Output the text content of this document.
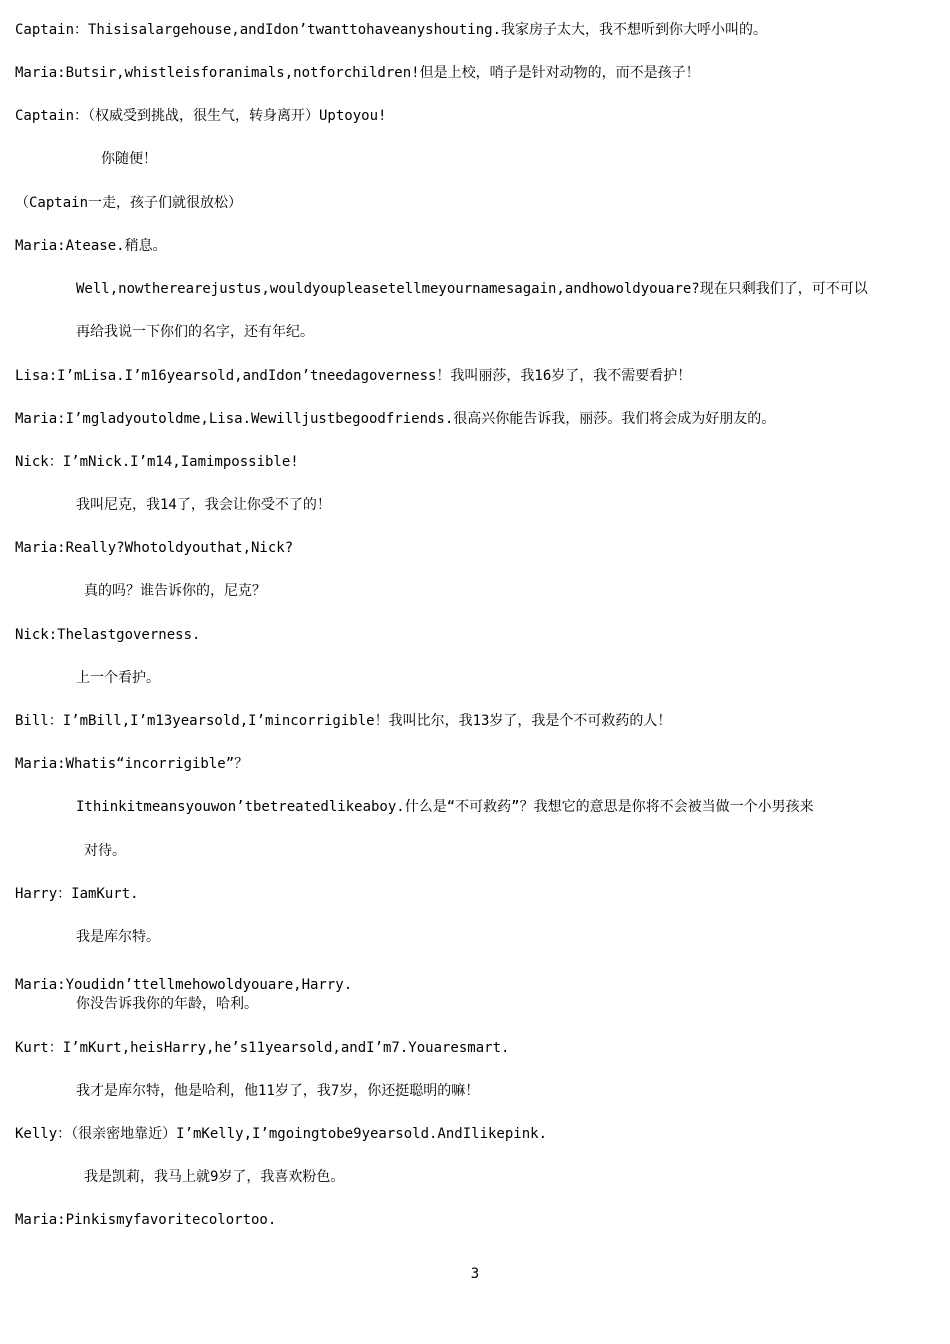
Captain：Thisisalargehouse,andIdon’twanttohaveanyshouting.我家房子太大，我不想听到你大呼小叫的。
Maria:Butsir,whistleisforanimals,notforchildren!但是上校，哨子是针对动物的，而不是孩子！
Captain：（权威受到挑战，很生气，转身离开）Uptoyou!
你随便！
（Captain一走，孩子们就很放松）
Maria:Atease.稍息。
Well,nowtherearejustus,wouldyoupleasetellmeyournamesagain,andhowoldyouare?现在只剩我们了，可不可以
再给我说一下你们的名字，还有年纪。
Lisa:I’mLisa.I’m16yearsold,andIdon’tneedagoverness！我叫丽莎，我16岁了，我不需要看护！
Maria:I’mgladyoutoldme,Lisa.Wewilljustbegoodfriends.很高兴你能告诉我，丽莎。我们将会成为好朋友的。
Nick：I’mNick.I’m14,Iamimpossible!
我叫尼克，我14了，我会让你受不了的！
Maria:Really?Whotoldyouthat,Nick?
真的吗？谁告诉你的，尼克？
Nick:Thelastgoverness.
上一个看护。
Bill：I’mBill,I’m13yearsold,I’mincorrigible！我叫比尔，我13岁了，我是个不可救药的人！
Maria:Whatis“incorrigible”？
Ithinkitmeansyouwon’tbetreatedlikeaboy.什么是“不可救药”？我想它的意思是你将不会被当做一个小男孩来
对待。
Harry：IamKurt.
我是库尔特。
Maria:Youdidn’ttellmehowoldyouare,Harry.
你没告诉我你的年龄，哈利。
Kurt：I’mKurt,heisHarry,he’s11yearsold,andI’m7.Youaresmart.
我才是库尔特，他是哈利，他11岁了，我7岁，你还挺聪明的嘛！
Kelly：（很亲密地靠近）I’mKelly,I’mgoingtobe9yearsold.AndIlikepink.
我是凯莉，我马上就9岁了，我喜欢粉色。
Maria:Pinkismyfavoritecolortoo.
3
